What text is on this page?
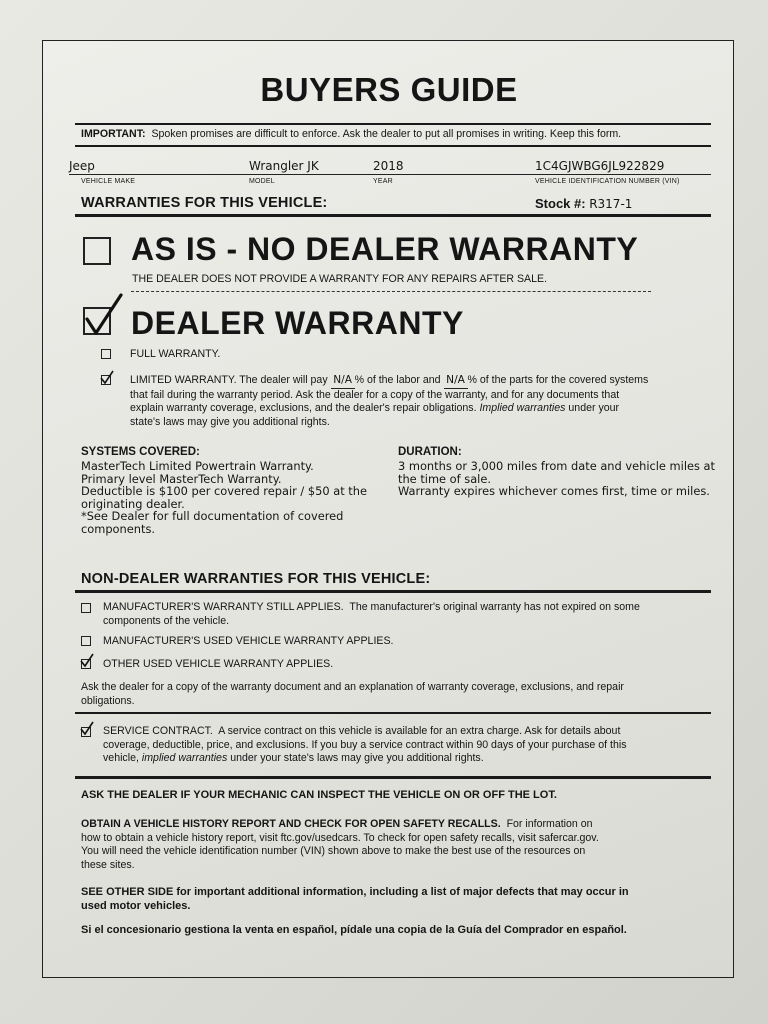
BUYERS GUIDE
IMPORTANT: Spoken promises are difficult to enforce. Ask the dealer to put all promises in writing. Keep this form.
Jeep	Wrangler JK	2018	1C4GJWBG6JL922829
VEHICLE MAKE	MODEL	YEAR	VEHICLE IDENTIFICATION NUMBER (VIN)
WARRANTIES FOR THIS VEHICLE:	Stock #: R317-1
AS IS - NO DEALER WARRANTY
THE DEALER DOES NOT PROVIDE A WARRANTY FOR ANY REPAIRS AFTER SALE.
DEALER WARRANTY
FULL WARRANTY.
LIMITED WARRANTY. The dealer will pay N/A % of the labor and N/A % of the parts for the covered systems
that fail during the warranty period. Ask the dealer for a copy of the warranty, and for any documents that
explain warranty coverage, exclusions, and the dealer's repair obligations. Implied warranties under your
state's laws may give you additional rights.
SYSTEMS COVERED:
MasterTech Limited Powertrain Warranty.
Primary level MasterTech Warranty.
Deductible is $100 per covered repair / $50 at the
originating dealer.
*See Dealer for full documentation of covered
components.
DURATION:
3 months or 3,000 miles from date and vehicle miles at
the time of sale.
Warranty expires whichever comes first, time or miles.
NON-DEALER WARRANTIES FOR THIS VEHICLE:
MANUFACTURER'S WARRANTY STILL APPLIES. The manufacturer's original warranty has not expired on some
components of the vehicle.
MANUFACTURER'S USED VEHICLE WARRANTY APPLIES.
OTHER USED VEHICLE WARRANTY APPLIES.
Ask the dealer for a copy of the warranty document and an explanation of warranty coverage, exclusions, and repair
obligations.
SERVICE CONTRACT. A service contract on this vehicle is available for an extra charge. Ask for details about
coverage, deductible, price, and exclusions. If you buy a service contract within 90 days of your purchase of this
vehicle, implied warranties under your state's laws may give you additional rights.
ASK THE DEALER IF YOUR MECHANIC CAN INSPECT THE VEHICLE ON OR OFF THE LOT.
OBTAIN A VEHICLE HISTORY REPORT AND CHECK FOR OPEN SAFETY RECALLS. For information on
how to obtain a vehicle history report, visit ftc.gov/usedcars. To check for open safety recalls, visit safercar.gov.
You will need the vehicle identification number (VIN) shown above to make the best use of the resources on
these sites.
SEE OTHER SIDE for important additional information, including a list of major defects that may occur in
used motor vehicles.
Si el concesionario gestiona la venta en español, pídale una copia de la Guía del Comprador en español.
